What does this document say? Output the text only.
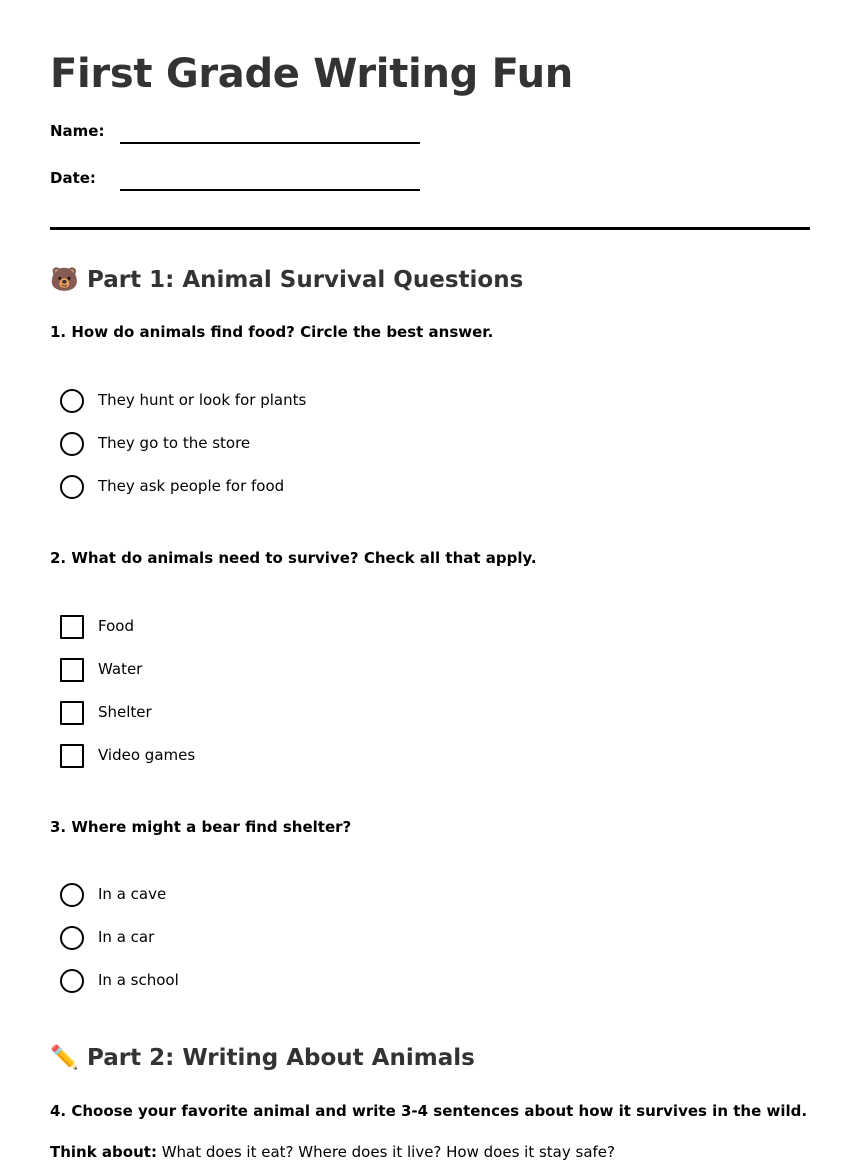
First Grade Writing Fun
Name:
Date:
🐻 Part 1: Animal Survival Questions
1. How do animals find food? Circle the best answer.
They hunt or look for plants
They go to the store
They ask people for food
2. What do animals need to survive? Check all that apply.
Food
Water
Shelter
Video games
3. Where might a bear find shelter?
In a cave
In a car
In a school
✏️ Part 2: Writing About Animals
4. Choose your favorite animal and write 3-4 sentences about how it survives in the wild.
Think about: What does it eat? Where does it live? How does it stay safe?
